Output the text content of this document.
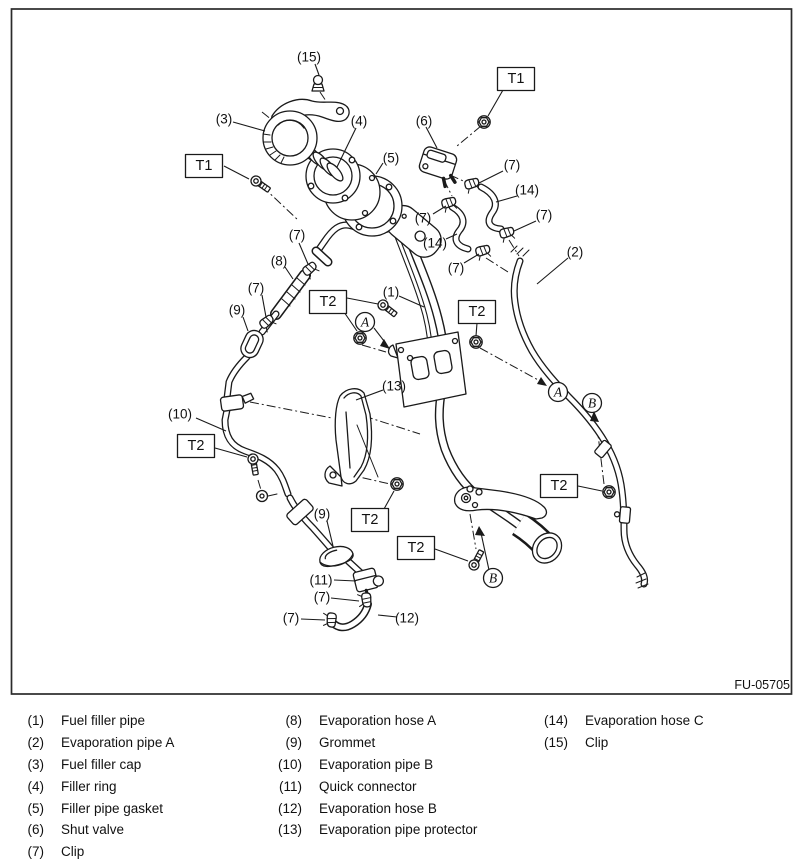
(15)
(3)	(4)
(5)
(6)
(7)
(14)
(7)
(7)
(14)
(7)
(2)
(7)
(8)
(7)
(9)
(1)
(13)
(10)
(9)
(11)
(7)
(7)	(12)
T1
T1
T2
T2
T2
T2
T2
T2
A
A
B
B
FU-05705
(1) Fuel filler pipe
(2) Evaporation pipe A
(3) Fuel filler cap
(4) Filler ring
(5) Filler pipe gasket
(6) Shut valve
(7) Clip
(8) Evaporation hose A
(9) Grommet
(10) Evaporation pipe B
(11) Quick connector
(12) Evaporation hose B
(13) Evaporation pipe protector
(14) Evaporation hose C
(15) Clip
